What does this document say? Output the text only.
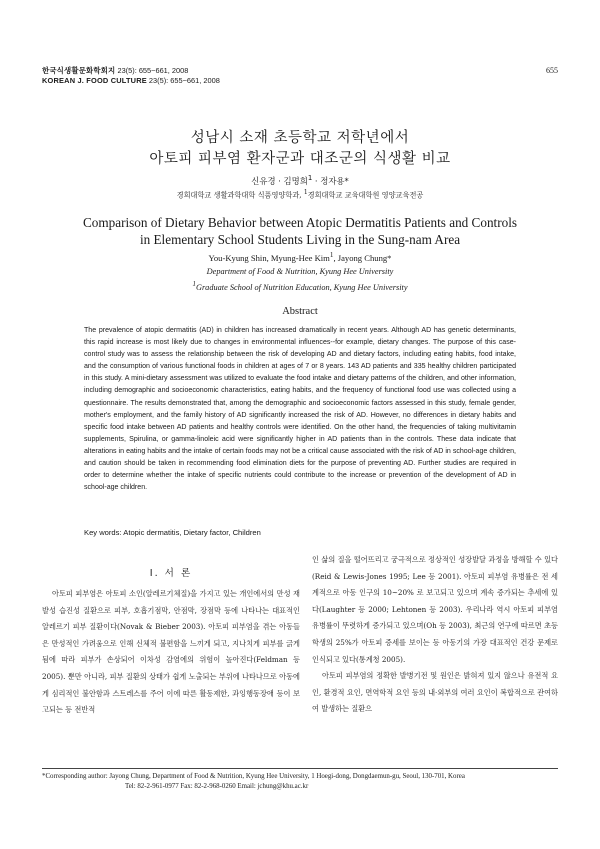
한국식생활문화학회지 23(5): 655~661, 2008
KOREAN J. FOOD CULTURE 23(5): 655~661, 2008
655
성남시 소재 초등학교 저학년에서
아토피 피부염 환자군과 대조군의 식생활 비교
신유경 · 김명희$^1$ · 정자용*
경희대학교 생활과학대학 식품영양학과, $^1$경희대학교 교육대학원 영양교육전공
Comparison of Dietary Behavior between Atopic Dermatitis Patients and Controls
in Elementary School Students Living in the Sung-nam Area
You-Kyung Shin, Myung-Hee Kim$^1$, Jayong Chung*
Department of Food & Nutrition, Kyung Hee University
$^1$Graduate School of Nutrition Education, Kyung Hee University
Abstract

The prevalence of atopic dermatitis (AD) in children has increased dramatically in recent years. Although AD has genetic determinants, this rapid increase is most likely due to changes in environmental influences--for example, dietary changes. The purpose of this case-control study was to assess the relationship between the risk of developing AD and dietary factors, including eating habits, food intake, and the consumption of various functional foods in children at ages of 7 or 8 years. 143 AD patients and 335 healthy children participated in this study. A mini-dietary assessment was utilized to evaluate the food intake and dietary patterns of the children, and other information, including demographic and socioeconomic characteristics, eating habits, and the frequency of functional food use was collected using a questionnaire. The results demonstrated that, among the demographic and socioeconomic factors assessed in this study, female gender, mother's employment, and the family history of AD significantly increased the risk of AD. However, no differences in dietary habits and specific food intake between AD patients and healthy controls were identified. On the other hand, the frequencies of taking multivitamin supplements, Spirulina, or gamma-linoleic acid were significantly higher in AD patients than in the controls. These data indicate that alterations in eating habits and the intake of certain foods may not be a critical cause associated with the risk of AD in school-age children, and caution should be taken in recommending food elimination diets for the purpose of preventing AD. Further studies are required in order to determine whether the intake of specific nutrients could contribute to the increase or prevention of the development of AD in school-age children.

Key words: Atopic dermatitis, Dietary factor, Children
I. 서 론

아토피 피부염은 아토피 소인(알레르기체질)을 가지고 있는 개인에서의 만성 재발성 습진성 질환으로 피부, 호흡기점막, 안점막, 장점막 등에 나타나는 대표적인 알레르기 피부 질환이다(Novak & Bieber 2003). 아토피 피부염을 겪는 아동들은 만성적인 가려움으로 인해 신체적 불편함을 느끼게 되고, 지나치게 피부를 긁게 됨에 따라 피부가 손상되어 이차성 감염에의 위험이 높아진다(Feldman 등 2005). 뿐만 아니라, 피부 질환의 상태가 쉽게 노출되는 부위에 나타나므로 아동에게 심리적인 불안함과 스트레스를 주어 이에 따른 활동제한, 과잉행동장애 등이 보고되는 등 전반적

인 삶의 질을 떨어뜨리고 궁극적으로 정상적인 성장발달 과정을 방해할 수 있다(Reid & Lewis-Jones 1995; Lee 등 2001). 아토피 피부염 유병률은 전 세계적으로 아동 인구의 10~20% 로 보고되고 있으며 계속 증가되는 추세에 있다(Laughter 등 2000; Lehtonen 등 2003). 우리나라 역시 아토피 피부염 유병률이 뚜렷하게 증가되고 있으며(Oh 등 2003), 최근의 연구에 따르면 초등학생의 25%가 아토피 증세를 보이는 등 아동기의 가장 대표적인 건강 문제로 인식되고 있다(통계청 2005).

아토피 피부염의 정확한 발병기전 및 원인은 밝혀져 있지 않으나 유전적 요인, 환경적 요인, 면역학적 요인 등의 내·외부의 여러 요인이 복합적으로 관여하여 발생하는 질환으

*Corresponding author: Jayong Chung, Department of Food & Nutrition, Kyung Hee University, 1 Hoegi-dong, Dongdaemun-gu, Seoul, 130-701, Korea
Tel: 82-2-961-0977 Fax: 82-2-968-0260 Email: jchung@khu.ac.kr
